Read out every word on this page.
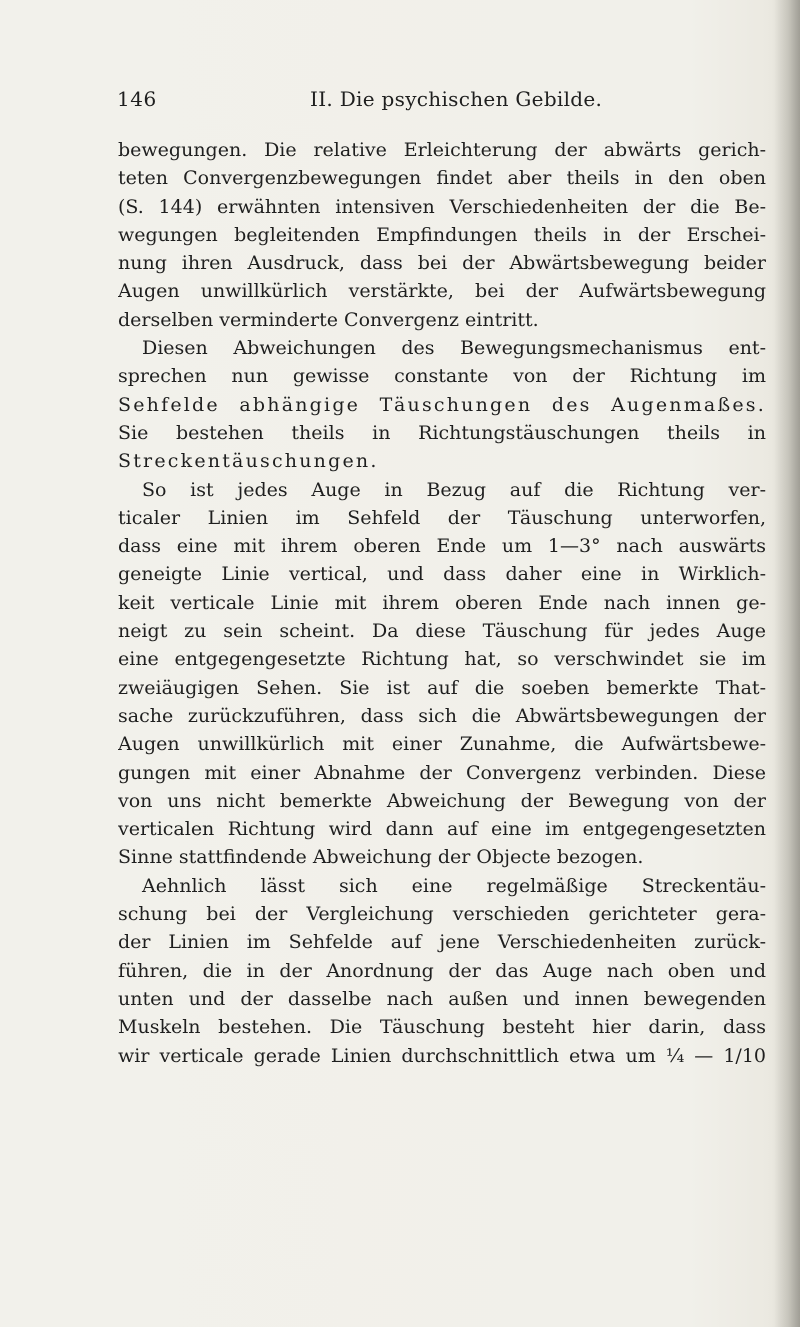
146	II. Die psychischen Gebilde.
bewegungen. Die relative Erleichterung der abwärts gerich-
teten Convergenzbewegungen findet aber theils in den oben
(S. 144) erwähnten intensiven Verschiedenheiten der die Be-
wegungen begleitenden Empfindungen theils in der Erschei-
nung ihren Ausdruck, dass bei der Abwärtsbewegung beider
Augen unwillkürlich verstärkte, bei der Aufwärtsbewegung
derselben verminderte Convergenz eintritt.
Diesen Abweichungen des Bewegungsmechanismus ent-
sprechen nun gewisse constante von der Richtung im
Sehfelde abhängige Täuschungen des Augenmaßes.
Sie bestehen theils in Richtungstäuschungen theils in
Streckentäuschungen.
So ist jedes Auge in Bezug auf die Richtung ver-
ticaler Linien im Sehfeld der Täuschung unterworfen,
dass eine mit ihrem oberen Ende um 1—3° nach auswärts
geneigte Linie vertical, und dass daher eine in Wirklich-
keit verticale Linie mit ihrem oberen Ende nach innen ge-
neigt zu sein scheint. Da diese Täuschung für jedes Auge
eine entgegengesetzte Richtung hat, so verschwindet sie im
zweiäugigen Sehen. Sie ist auf die soeben bemerkte That-
sache zurückzuführen, dass sich die Abwärtsbewegungen der
Augen unwillkürlich mit einer Zunahme, die Aufwärtsbewe-
gungen mit einer Abnahme der Convergenz verbinden. Diese
von uns nicht bemerkte Abweichung der Bewegung von der
verticalen Richtung wird dann auf eine im entgegengesetzten
Sinne stattfindende Abweichung der Objecte bezogen.
Aehnlich lässt sich eine regelmäßige Streckentäu-
schung bei der Vergleichung verschieden gerichteter gera-
der Linien im Sehfelde auf jene Verschiedenheiten zurück-
führen, die in der Anordnung der das Auge nach oben und
unten und der dasselbe nach außen und innen bewegenden
Muskeln bestehen. Die Täuschung besteht hier darin, dass
wir verticale gerade Linien durchschnittlich etwa um ¼ — 1/10
